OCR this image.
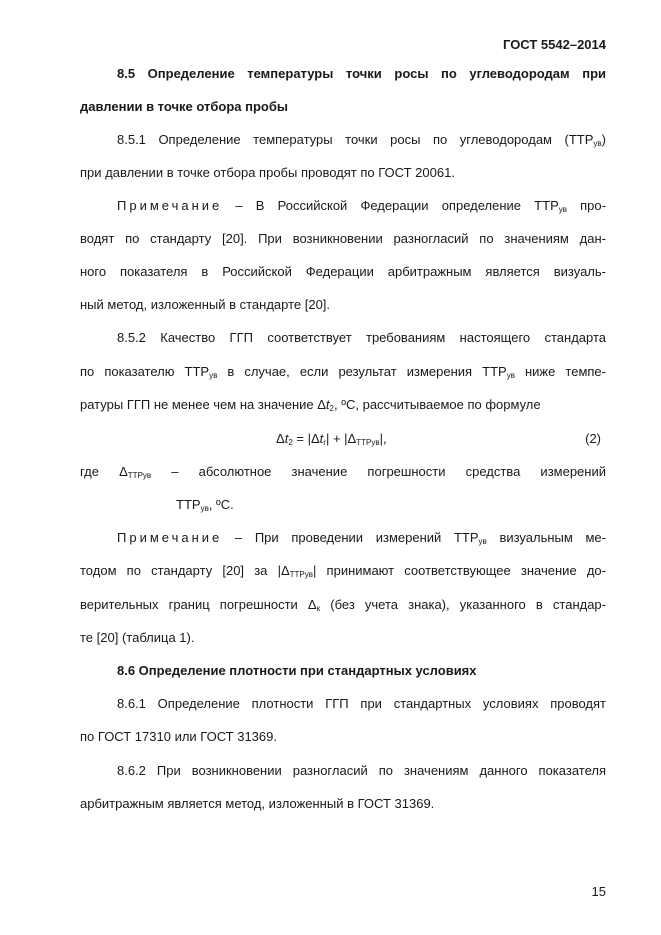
ГОСТ 5542–2014
8.5 Определение температуры точки росы по углеводородам при
давлении в точке отбора пробы
8.5.1 Определение температуры точки росы по углеводородам $(ТТР_{ув})$
при давлении в точке отбора пробы проводят по ГОСТ 20061.
Примечание – В Российской Федерации определение $ТТР_{ув}$ про-
водят по стандарту [20]. При возникновении разногласий по значениям дан-
ного показателя в Российской Федерации арбитражным является визуаль-
ный метод, изложенный в стандарте [20].
8.5.2 Качество ГГП соответствует требованиям настоящего стандарта
по показателю $ТТР_{ув}$ в случае, если результат измерения $ТТР_{ув}$ ниже темпе-
ратуры ГГП не менее чем на значение $\Delta t_2$, ºС, рассчитываемое по формуле
$\Delta t_2 = |\Delta t_r| + |\Delta_{ТТРув}|$,	(2)
где $\Delta_{ТТРув}$ – абсолютное значение погрешности средства измерений
$ТТР_{ув}$, ºС.
Примечание – При проведении измерений $ТТР_{ув}$ визуальным ме-
тодом по стандарту [20] за $|\Delta_{ТТРув}|$ принимают соответствующее значение до-
верительных границ погрешности $\Delta_к$ (без учета знака), указанного в стандар-
те [20] (таблица 1).
8.6 Определение плотности при стандартных условиях
8.6.1 Определение плотности ГГП при стандартных условиях проводят
по ГОСТ 17310 или ГОСТ 31369.
8.6.2 При возникновении разногласий по значениям данного показателя
арбитражным является метод, изложенный в ГОСТ 31369.
15
